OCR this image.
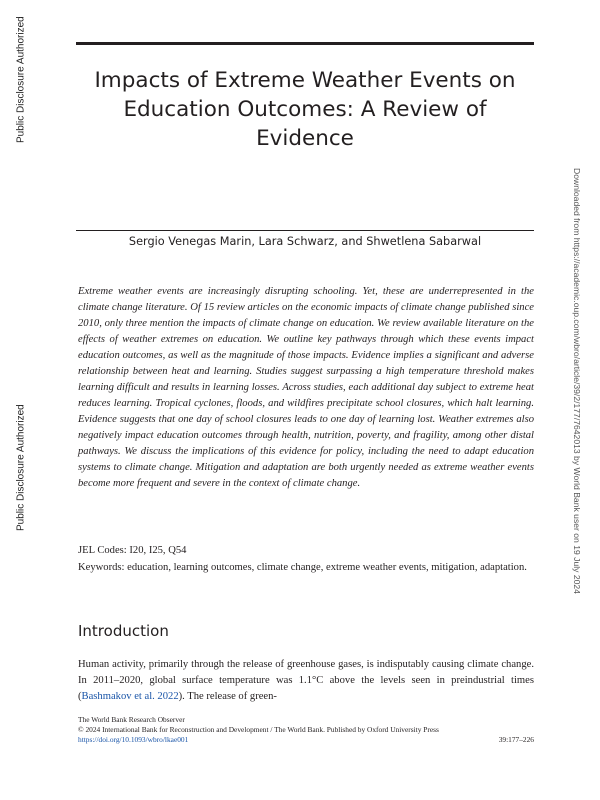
Public Disclosure Authorized
Public Disclosure Authorized	Downloaded from https://academic.oup.com/wbro/article/39/2/177/7642013 by World Bank user on 19 July 2024
Impacts of Extreme Weather Events on Education Outcomes: A Review of Evidence
Sergio Venegas Marin, Lara Schwarz, and Shwetlena Sabarwal

Extreme weather events are increasingly disrupting schooling. Yet, these are underrepresented in the climate change literature. Of 15 review articles on the economic impacts of climate change published since 2010, only three mention the impacts of climate change on education. We review available literature on the effects of weather extremes on education. We outline key pathways through which these events impact education outcomes, as well as the magnitude of those impacts. Evidence implies a significant and adverse relationship between heat and learning. Studies suggest surpassing a high temperature threshold makes learning difficult and results in learning losses. Across studies, each additional day subject to extreme heat reduces learning. Tropical cyclones, floods, and wildfires precipitate school closures, which halt learning. Evidence suggests that one day of school closures leads to one day of learning lost. Weather extremes also negatively impact education outcomes through health, nutrition, poverty, and fragility, among other distal pathways. We discuss the implications of this evidence for policy, including the need to adapt education systems to climate change. Mitigation and adaptation are both urgently needed as extreme weather events become more frequent and severe in the context of climate change.

JEL Codes: I20, I25, Q54
Keywords: education, learning outcomes, climate change, extreme weather events, mitigation, adaptation.
Introduction

Human activity, primarily through the release of greenhouse gases, is indisputably causing climate change. In 2011–2020, global surface temperature was 1.1°C above the levels seen in preindustrial times (Bashmakov et al. 2022). The release of green-

The World Bank Research Observer
© 2024 International Bank for Reconstruction and Development / The World Bank. Published by Oxford University Press
https://doi.org/10.1093/wbro/lkae001	39:177–226
